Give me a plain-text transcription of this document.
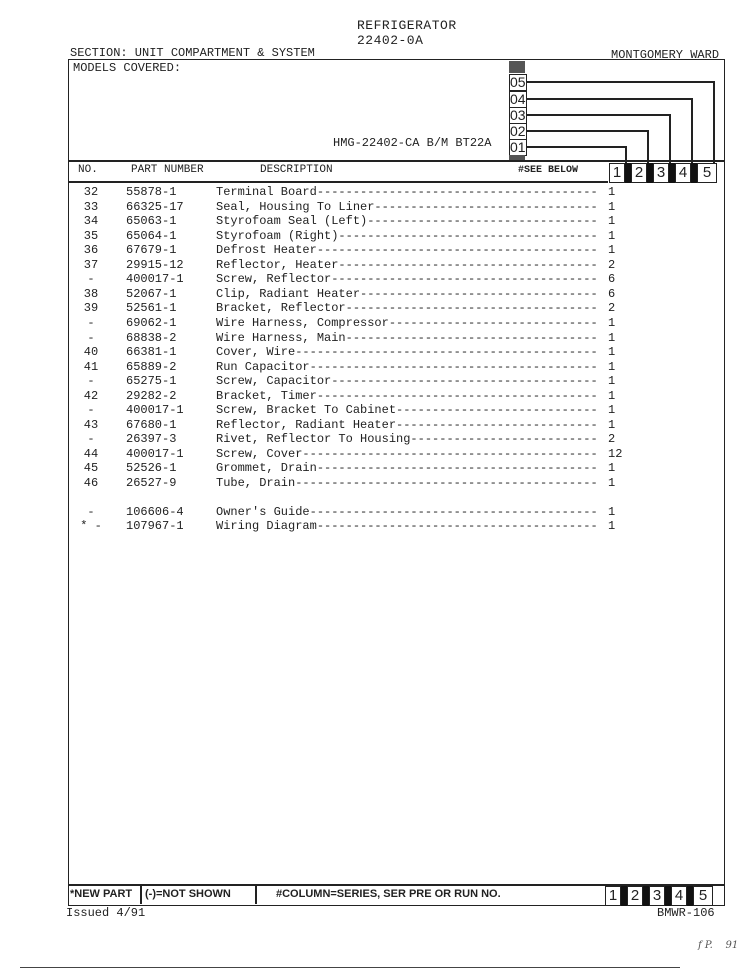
REFRIGERATOR
22402-0A
SECTION: UNIT COMPARTMENT & SYSTEM	MONTGOMERY WARD
MODELS COVERED:
HMG-22402-CA B/M BT22A
05
04
03
02
01
NO.	PART NUMBER	DESCRIPTION	#SEE BELOW 1 2 3 4	5
32	55878-1	Terminal Board--------------------------------------- 1
33	66325-17	Seal, Housing To Liner------------------------------- 1
34	65063-1	Styrofoam Seal (Left)-------------------------------- 1
35	65064-1	Styrofoam (Right)------------------------------------ 1
36	67679-1	Defrost Heater--------------------------------------- 1
37	29915-12	Reflector, Heater------------------------------------ 2
-	400017-1	Screw, Reflector------------------------------------- 6
38	52067-1	Clip, Radiant Heater--------------------------------- 6
39	52561-1	Bracket, Reflector----------------------------------- 2
-	69062-1	Wire Harness, Compressor----------------------------- 1
-	68838-2	Wire Harness, Main----------------------------------- 1
40	66381-1	Cover, Wire------------------------------------------ 1
41	65889-2	Run Capacitor---------------------------------------- 1
-	65275-1	Screw, Capacitor------------------------------------- 1
42	29282-2	Bracket, Timer--------------------------------------- 1
-	400017-1	Screw, Bracket To Cabinet---------------------------- 1
43	67680-1	Reflector, Radiant Heater---------------------------- 1
-	26397-3	Rivet, Reflector To Housing-------------------------- 2
44	400017-1	Screw, Cover----------------------------------------- 12
45	52526-1	Grommet, Drain--------------------------------------- 1
46	26527-9	Tube, Drain------------------------------------------ 1
-	106606-4	Owner's Guide---------------------------------------- 1
* -	107967-1	Wiring Diagram--------------------------------------- 1
*NEW PART (-)=NOT SHOWN	#COLUMN=SERIES, SER PRE OR RUN NO.	1 2 3 4	5
Issued 4/91	BMWR-106
f P.    91
